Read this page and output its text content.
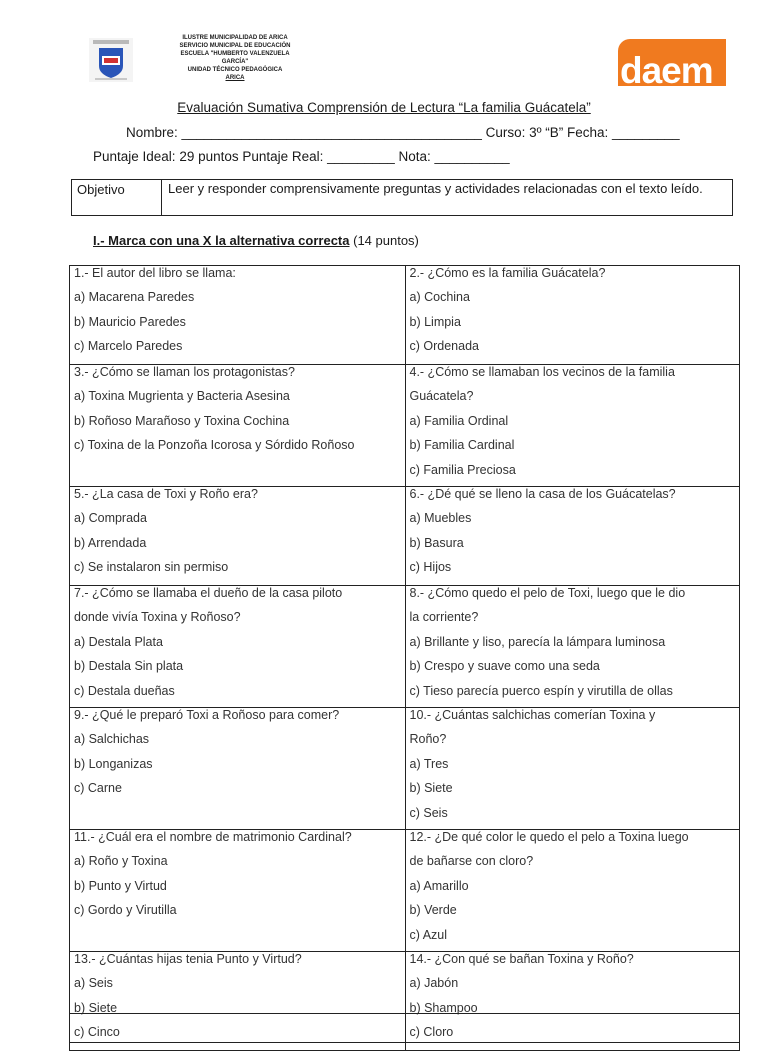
ILUSTRE MUNICIPALIDAD DE ARICA
SERVICIO MUNICIPAL DE EDUCACIÓN
ESCUELA "HUMBERTO VALENZUELA
GARCÍA"
UNIDAD TÉCNICO PEDAGÓGICA
ARICA	daem
Evaluación Sumativa Comprensión de Lectura “La familia Guácatela”
Nombre: ________________________________________ Curso: 3º “B” Fecha: _________
Puntaje Ideal: 29 puntos Puntaje Real: _________ Nota: __________
Objetivo	Leer y responder comprensivamente preguntas y actividades relacionadas con el texto leído.
I.- Marca con una X la alternativa correcta (14 puntos)
1.- El autor del libro se llama:
a) Macarena Paredes
b) Mauricio Paredes
c) Marcelo Paredes
2.- ¿Cómo es la familia Guácatela?
a) Cochina
b) Limpia
c) Ordenada
3.- ¿Cómo se llaman los protagonistas?
a) Toxina Mugrienta y Bacteria Asesina
b) Roñoso Marañoso y Toxina Cochina
c) Toxina de la Ponzoña Icorosa y Sórdido Roñoso
4.- ¿Cómo se llamaban los vecinos de la familia
Guácatela?
a) Familia Ordinal
b) Familia Cardinal
c) Familia Preciosa
5.- ¿La casa de Toxi y Roño era?
a) Comprada
b) Arrendada
c) Se instalaron sin permiso
6.- ¿Dé qué se lleno la casa de los Guácatelas?
a) Muebles
b) Basura
c) Hijos
7.- ¿Cómo se llamaba el dueño de la casa piloto
donde vivía Toxina y Roñoso?
a) Destala Plata
b) Destala Sin plata
c) Destala dueñas
8.- ¿Cómo quedo el pelo de Toxi, luego que le dio
la corriente?
a) Brillante y liso, parecía la lámpara luminosa
b) Crespo y suave como una seda
c) Tieso parecía puerco espín y virutilla de ollas
9.- ¿Qué le preparó Toxi a Roñoso para comer?
a) Salchichas
b) Longanizas
c) Carne
10.- ¿Cuántas salchichas comerían Toxina y
Roño?
a) Tres
b) Siete
c) Seis
11.- ¿Cuál era el nombre de matrimonio Cardinal?
a) Roño y Toxina
b) Punto y Virtud
c) Gordo y Virutilla
12.- ¿De qué color le quedo el pelo a Toxina luego
de bañarse con cloro?
a) Amarillo
b) Verde
c) Azul
13.- ¿Cuántas hijas tenia Punto y Virtud?
a) Seis
b) Siete
c) Cinco
14.- ¿Con qué se bañan Toxina y Roño?
a) Jabón
b) Shampoo
c) Cloro
